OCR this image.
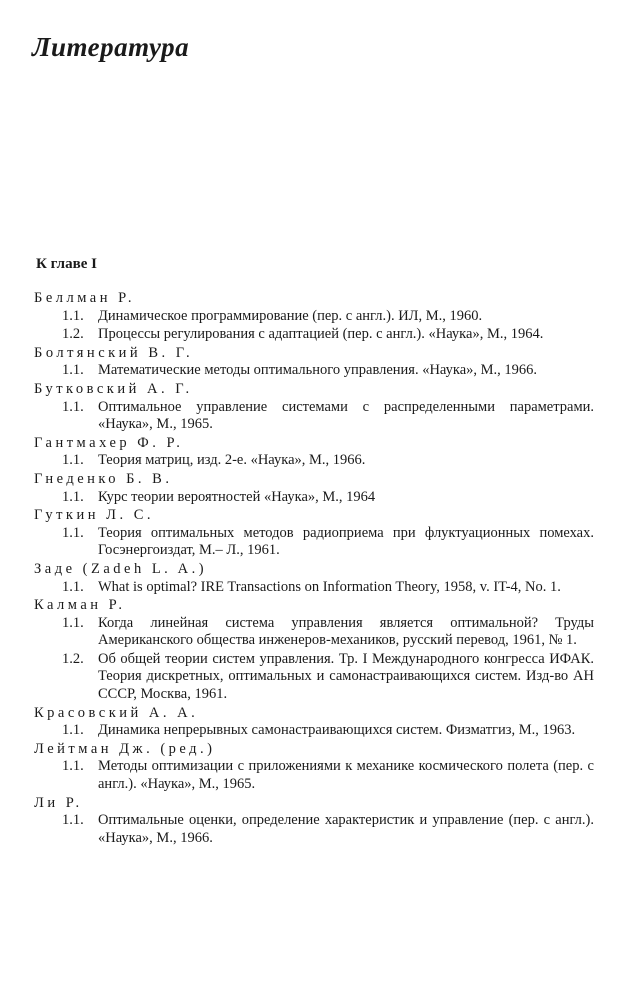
Литература
К главе I
Беллман Р.
1.1. Динамическое программирование (пер. с англ.). ИЛ, М., 1960.
1.2. Процессы регулирования с адаптацией (пер. с англ.). «Наука», М., 1964.
Болтянский В. Г.
1.1. Математические методы оптимального управления. «Наука», М., 1966.
Бутковский А. Г.
1.1. Оптимальное управление системами с распределенными параметрами. «Наука», М., 1965.
Гантмахер Ф. Р.
1.1. Теория матриц, изд. 2-е. «Наука», М., 1966.
Гнеденко Б. В.
1.1. Курс теории вероятностей «Наука», М., 1964
Гуткин Л. С.
1.1. Теория оптимальных методов радиоприема при флуктуационных помехах. Госэнергоиздат, М.– Л., 1961.
Заде (Zadeh L. A.)
1.1. What is optimal? IRE Transactions on Information Theory, 1958, v. IT-4, No. 1.
Калман Р.
1.1. Когда линейная система управления является оптимальной? Труды Американского общества инженеров-механиков, русский перевод, 1961, № 1.
1.2. Об общей теории систем управления. Тр. I Международного конгресса ИФАК. Теория дискретных, оптимальных и самонастраивающихся систем. Изд-во АН СССР, Москва, 1961.
Красовский А. А.
1.1. Динамика непрерывных самонастраивающихся систем. Физматгиз, М., 1963.
Лейтман Дж. (ред.)
1.1. Методы оптимизации с приложениями к механике космического полета (пер. с англ.). «Наука», М., 1965.
Ли Р.
1.1. Оптимальные оценки, определение характеристик и управление (пер. с англ.). «Наука», М., 1966.
